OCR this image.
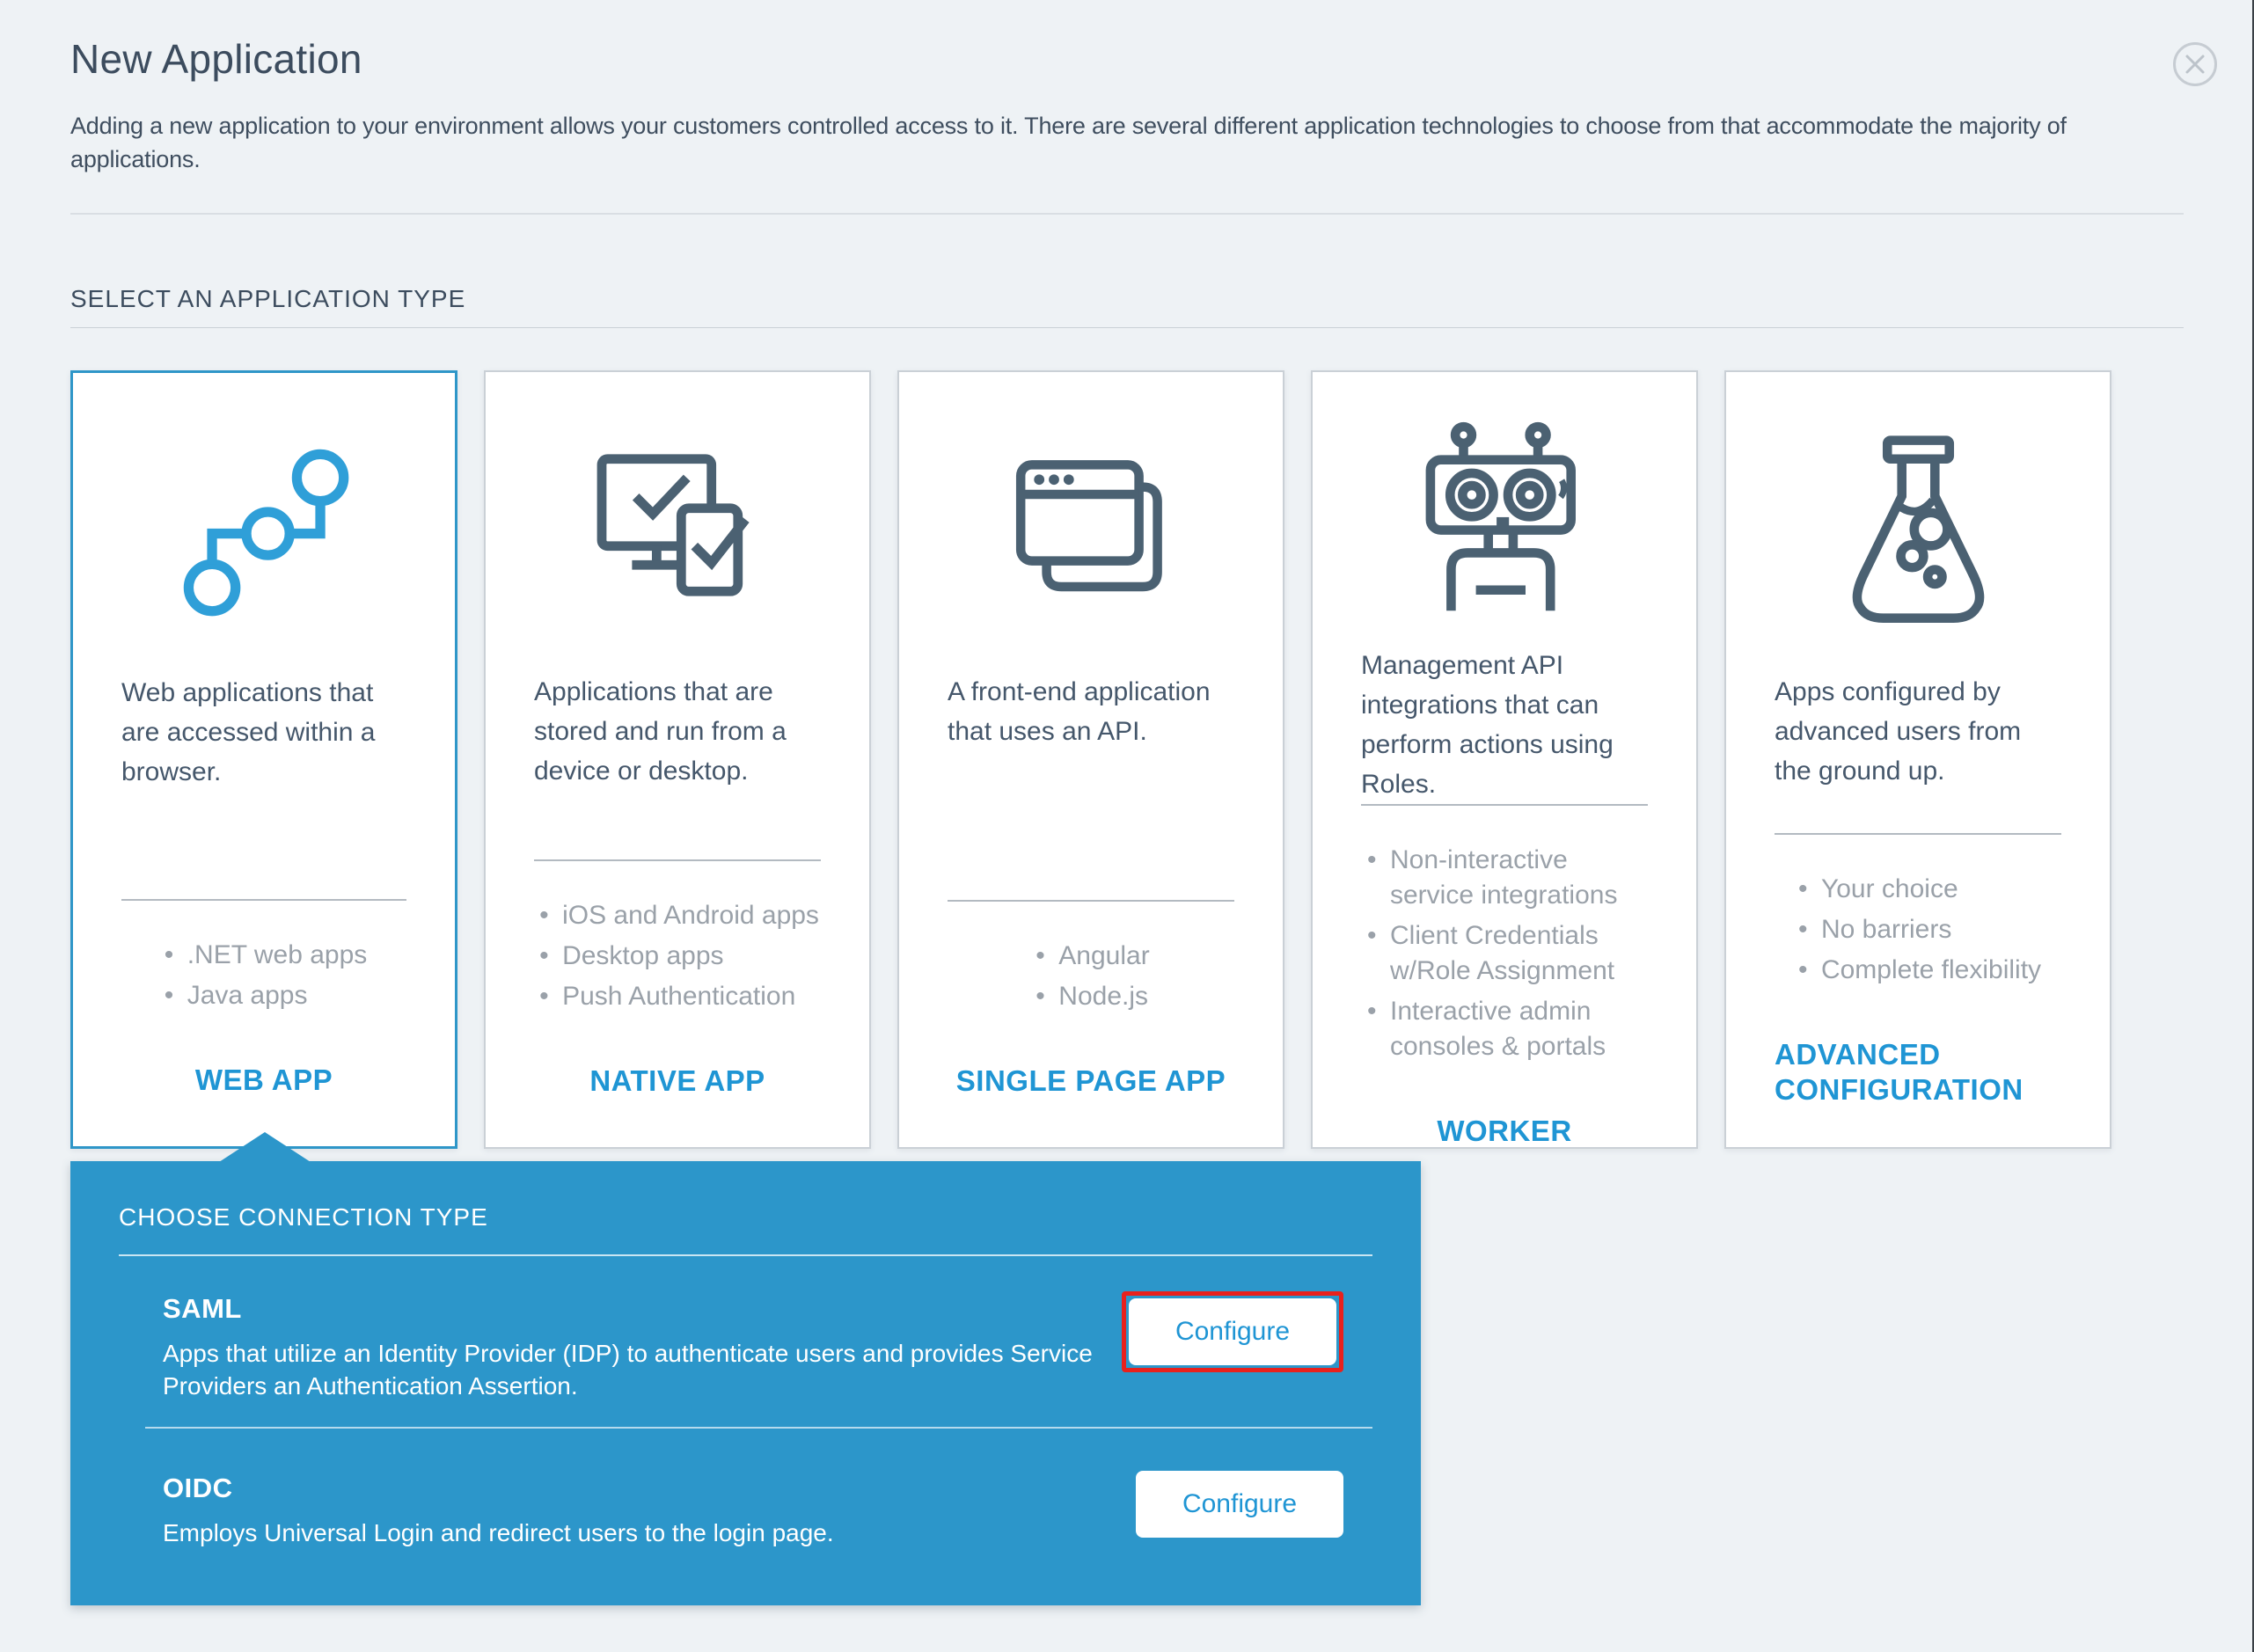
New Application

Adding a new application to your environment allows your customers controlled access to it. There are several different application technologies to choose from that accommodate the majority of applications.

SELECT AN APPLICATION TYPE

Web applications that are accessed within a browser.

• .NET web apps
• Java apps
WEB APP

Applications that are stored and run from a device or desktop.

• iOS and Android apps
• Desktop apps
• Push Authentication
NATIVE APP

A front-end application that uses an API.

• Angular
• Node.js
SINGLE PAGE APP

Management API integrations that can perform actions using Roles.

• Non-interactive service integrations
• Client Credentials w/Role Assignment
• Interactive admin consoles & portals
WORKER

Apps configured by advanced users from the ground up.

• Your choice
• No barriers
• Complete flexibility
ADVANCED CONFIGURATION
CHOOSE CONNECTION TYPE
SAML

Apps that utilize an Identity Provider (IDP) to authenticate users and provides Service Providers an Authentication Assertion.

Configure
OIDC

Employs Universal Login and redirect users to the login page.

Configure
